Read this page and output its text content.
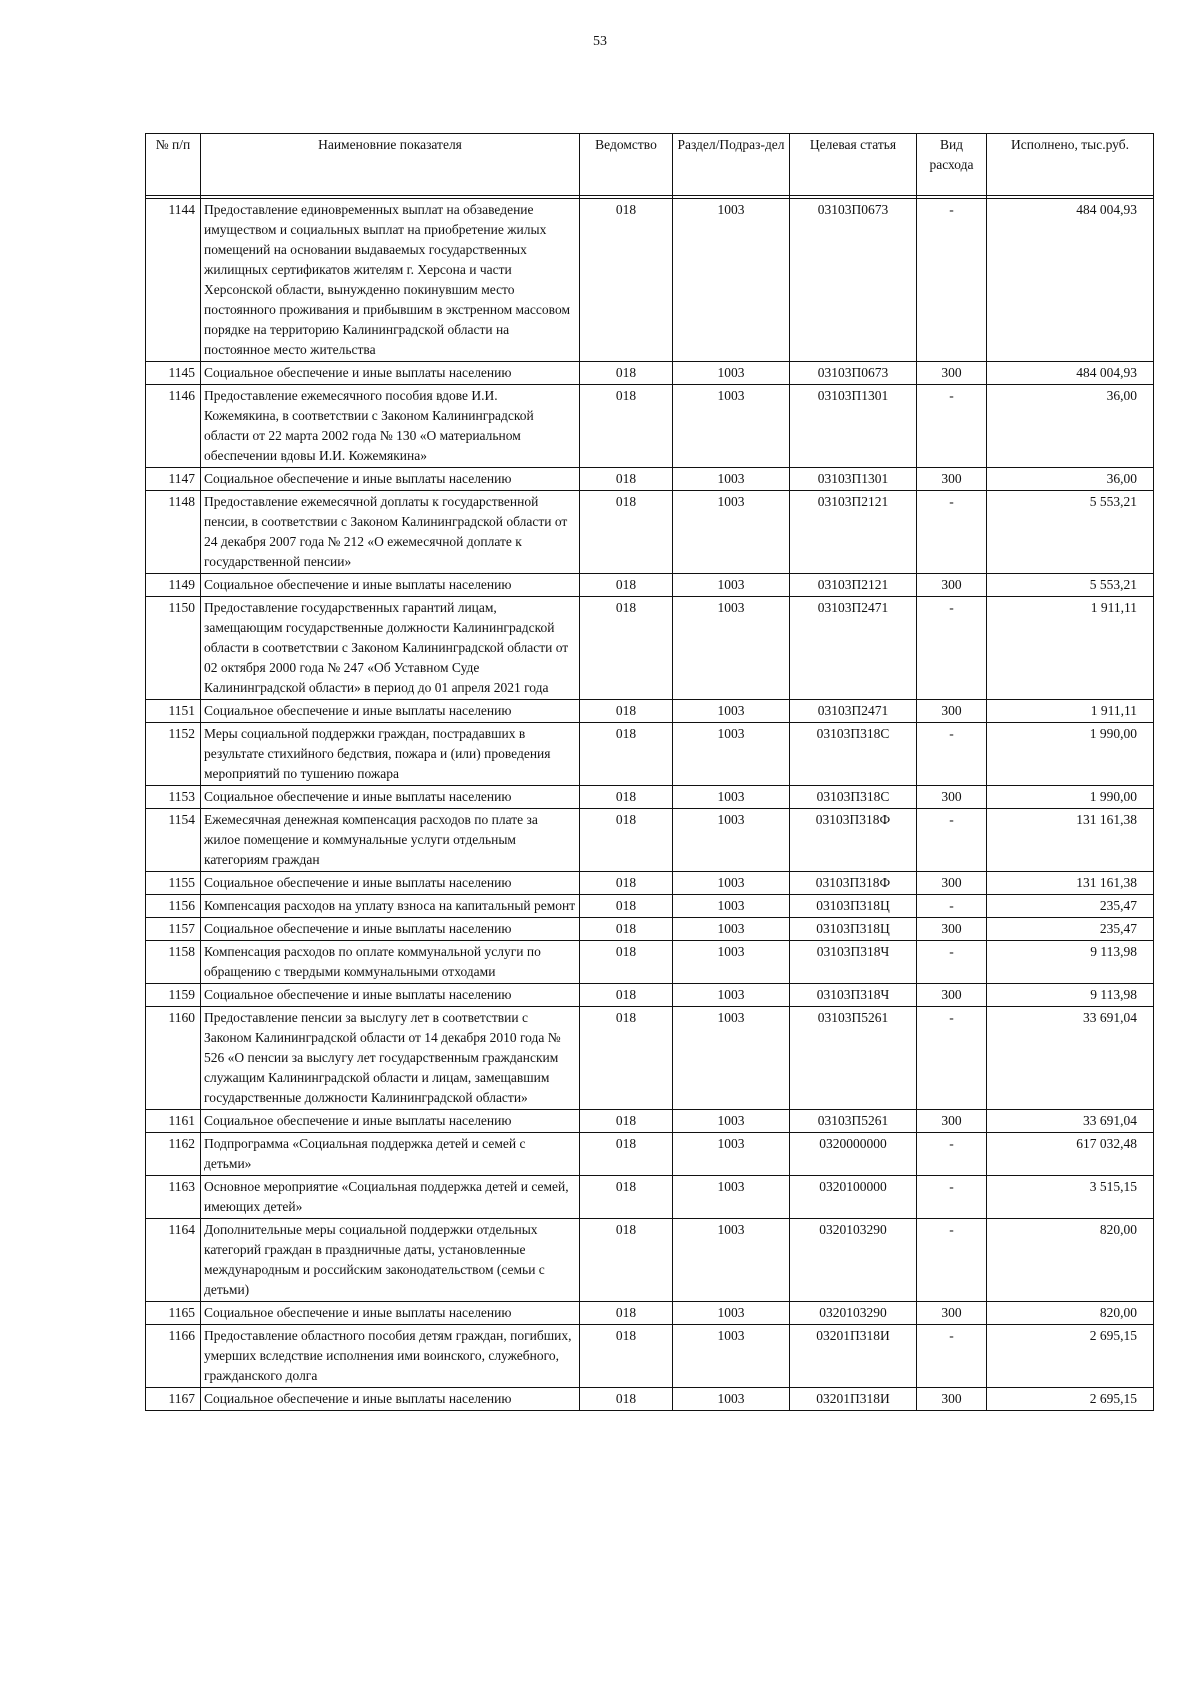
53
№ п/п	Наименовние показателя	Ведомство	Раздел/Подраз-дел	Целевая статья	Вид расхода	Исполнено, тыс.руб.

1144	Предоставление единовременных выплат на обзаведение имуществом и социальных выплат на приобретение жилых помещений на основании выдаваемых государственных жилищных сертификатов жителям г. Херсона и части Херсонской области, вынужденно покинувшим место постоянного проживания и прибывшим в экстренном массовом порядке на территорию Калининградской области на постоянное место жительства	018	1003	03103П0673	-	484 004,93
1145	Социальное обеспечение и иные выплаты населению	018	1003	03103П0673	300	484 004,93
1146	Предоставление ежемесячного пособия вдове И.И. Кожемякина, в соответствии с Законом Калининградской области от 22 марта 2002 года № 130 «О материальном обеспечении вдовы И.И. Кожемякина»	018	1003	03103П1301	-	36,00
1147	Социальное обеспечение и иные выплаты населению	018	1003	03103П1301	300	36,00
1148	Предоставление ежемесячной доплаты к государственной пенсии, в соответствии с Законом Калининградской области от 24 декабря 2007 года № 212 «О ежемесячной доплате к государственной пенсии»	018	1003	03103П2121	-	5 553,21
1149	Социальное обеспечение и иные выплаты населению	018	1003	03103П2121	300	5 553,21
1150	Предоставление государственных гарантий лицам, замещающим государственные должности Калининградской области в соответствии с Законом Калининградской области от 02 октября 2000 года № 247 «Об Уставном Суде Калининградской области» в период до 01 апреля 2021 года	018	1003	03103П2471	-	1 911,11
1151	Социальное обеспечение и иные выплаты населению	018	1003	03103П2471	300	1 911,11
1152	Меры социальной поддержки граждан, пострадавших в результате стихийного бедствия, пожара и (или) проведения мероприятий по тушению пожара	018	1003	03103П318С	-	1 990,00
1153	Социальное обеспечение и иные выплаты населению	018	1003	03103П318С	300	1 990,00
1154	Ежемесячная денежная компенсация расходов по плате за жилое помещение и коммунальные услуги отдельным категориям граждан	018	1003	03103П318Ф	-	131 161,38
1155	Социальное обеспечение и иные выплаты населению	018	1003	03103П318Ф	300	131 161,38
1156	Компенсация расходов на уплату взноса на капитальный ремонт	018	1003	03103П318Ц	-	235,47
1157	Социальное обеспечение и иные выплаты населению	018	1003	03103П318Ц	300	235,47
1158	Компенсация расходов по оплате коммунальной услуги по обращению с твердыми коммунальными отходами	018	1003	03103П318Ч	-	9 113,98
1159	Социальное обеспечение и иные выплаты населению	018	1003	03103П318Ч	300	9 113,98
1160	Предоставление пенсии за выслугу лет в соответствии с Законом Калининградской области от 14 декабря 2010 года № 526 «О пенсии за выслугу лет государственным гражданским служащим Калининградской области и лицам, замещавшим государственные должности Калининградской области»	018	1003	03103П5261	-	33 691,04
1161	Социальное обеспечение и иные выплаты населению	018	1003	03103П5261	300	33 691,04
1162	Подпрограмма «Социальная поддержка детей и семей с детьми»	018	1003	0320000000	-	617 032,48
1163	Основное мероприятие «Социальная поддержка детей и семей, имеющих детей»	018	1003	0320100000	-	3 515,15
1164	Дополнительные меры социальной поддержки отдельных категорий граждан в праздничные даты, установленные международным и российским законодательством (семьи с детьми)	018	1003	0320103290	-	820,00
1165	Социальное обеспечение и иные выплаты населению	018	1003	0320103290	300	820,00
1166	Предоставление областного пособия детям граждан, погибших, умерших вследствие исполнения ими воинского, служебного, гражданского долга	018	1003	03201П318И	-	2 695,15
1167	Социальное обеспечение и иные выплаты населению	018	1003	03201П318И	300	2 695,15
